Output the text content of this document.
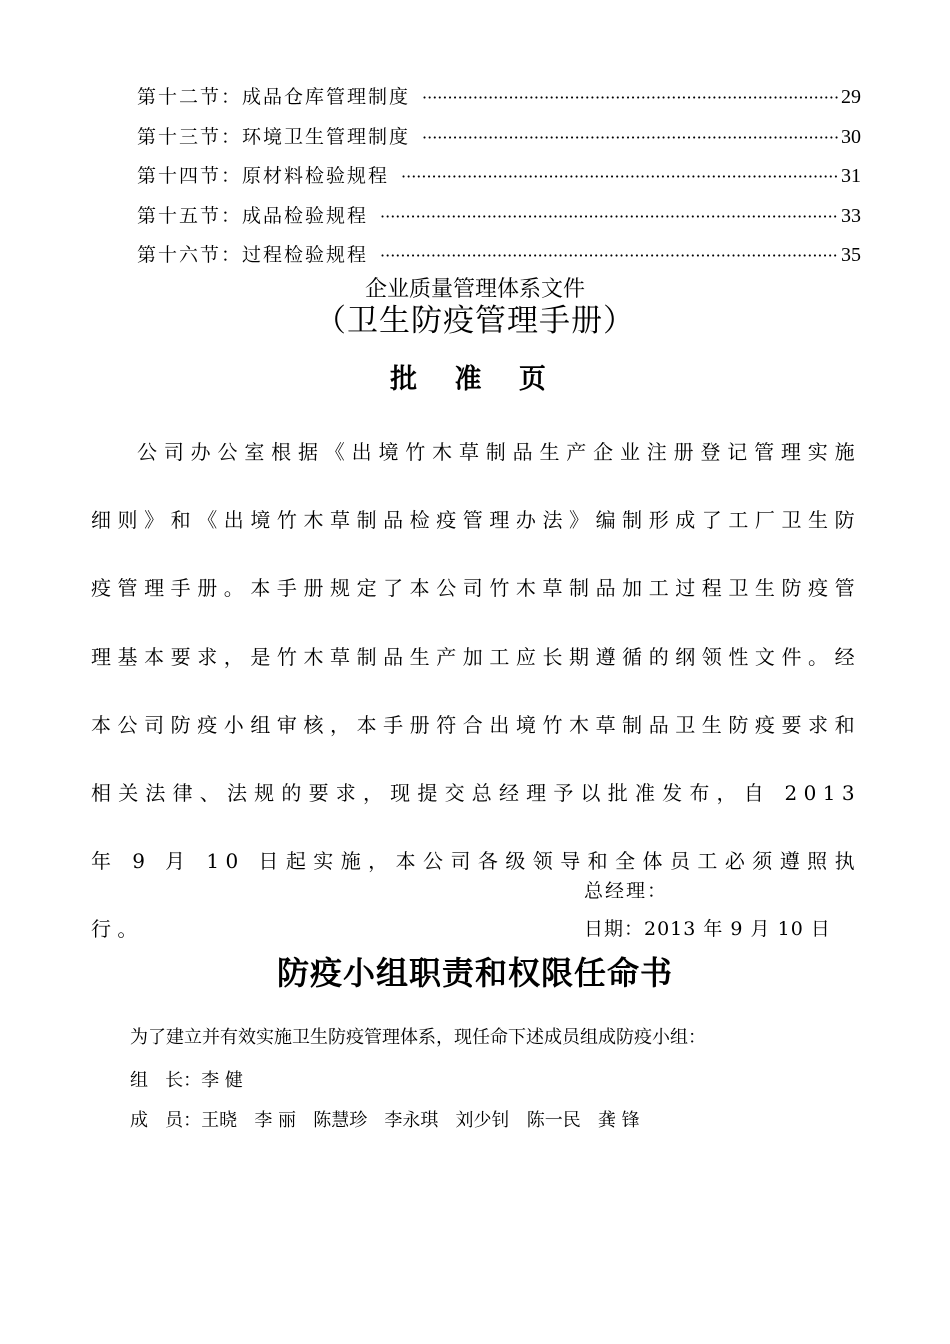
第十二节：成品仓库管理制度 ·····	29
第十三节：环境卫生管理制度 ·····	30
第十四节：原材料检验规程 ·····	31
第十五节：成品检验规程 ·····	33
第十六节：过程检验规程 ·····	35
企业质量管理体系文件
（卫生防疫管理手册）
批 准 页

公司办公室根据《出境竹木草制品生产企业注册登记管理实施细则》和《出境竹木草制品检疫管理办法》编制形成了工厂卫生防疫管理手册。本手册规定了本公司竹木草制品加工过程卫生防疫管理基本要求，是竹木草制品生产加工应长期遵循的纲领性文件。经本公司防疫小组审核，本手册符合出境竹木草制品卫生防疫要求和相关法律、法规的要求，现提交总经理予以批准发布，自 2013 年 9 月 10 日起实施，本公司各级领导和全体员工必须遵照执行。

总经理：
日期：2013 年 9 月 10 日
防疫小组职责和权限任命书
为了建立并有效实施卫生防疫管理体系，现任命下述成员组成防疫小组：
组   长：李 健
成   员：王晓   李 丽   陈慧珍   李永琪   刘少钊   陈一民   龚 锋
